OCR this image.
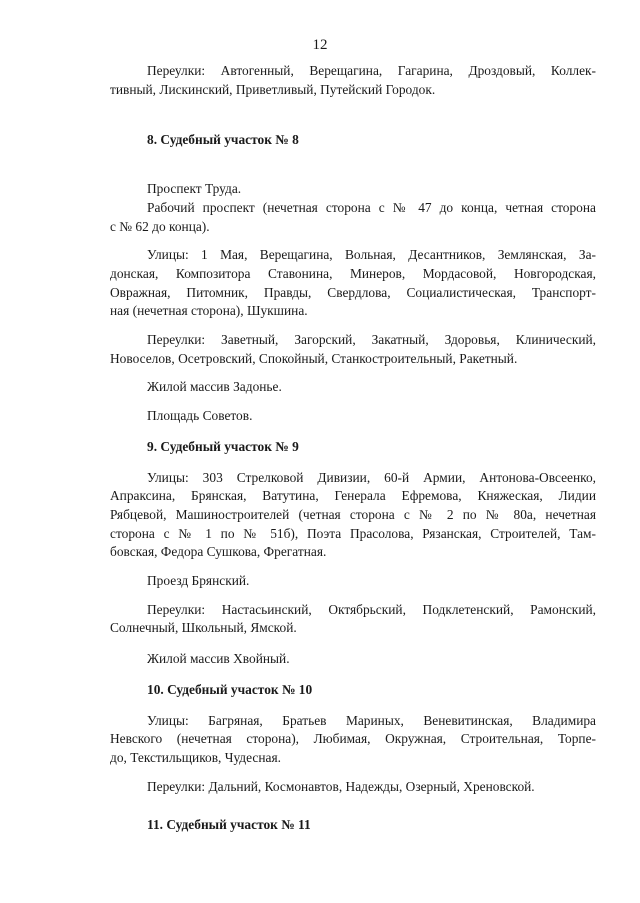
12
Переулки: Автогенный, Верещагина, Гагарина, Дроздовый, Коллек-
тивный, Лискинский, Приветливый, Путейский Городок.
8. Судебный участок № 8
Проспект Труда.
Рабочий проспект (нечетная сторона с № 47 до конца, четная сторона
с № 62 до конца).
Улицы: 1 Мая, Верещагина, Вольная, Десантников, Землянская, За-
донская, Композитора Ставонина, Минеров, Мордасовой, Новгородская,
Овражная, Питомник, Правды, Свердлова, Социалистическая, Транспорт-
ная (нечетная сторона), Шукшина.
Переулки: Заветный, Загорский, Закатный, Здоровья, Клинический,
Новоселов, Осетровский, Спокойный, Станкостроительный, Ракетный.
Жилой массив Задонье.
Площадь Советов.
9. Судебный участок № 9
Улицы: 303 Стрелковой Дивизии, 60-й Армии, Антонова-Овсеенко,
Апраксина, Брянская, Ватутина, Генерала Ефремова, Княжеская, Лидии
Рябцевой, Машиностроителей (четная сторона с № 2 по № 80а, нечетная
сторона с № 1 по № 51б), Поэта Прасолова, Рязанская, Строителей, Там-
бовская, Федора Сушкова, Фрегатная.
Проезд Брянский.
Переулки: Настасьинский, Октябрьский, Подклетенский, Рамонский,
Солнечный, Школьный, Ямской.
Жилой массив Хвойный.
10. Судебный участок № 10
Улицы: Багряная, Братьев Мариных, Веневитинская, Владимира
Невского (нечетная сторона), Любимая, Окружная, Строительная, Торпе-
до, Текстильщиков, Чудесная.
Переулки: Дальний, Космонавтов, Надежды, Озерный, Хреновской.
11. Судебный участок № 11
